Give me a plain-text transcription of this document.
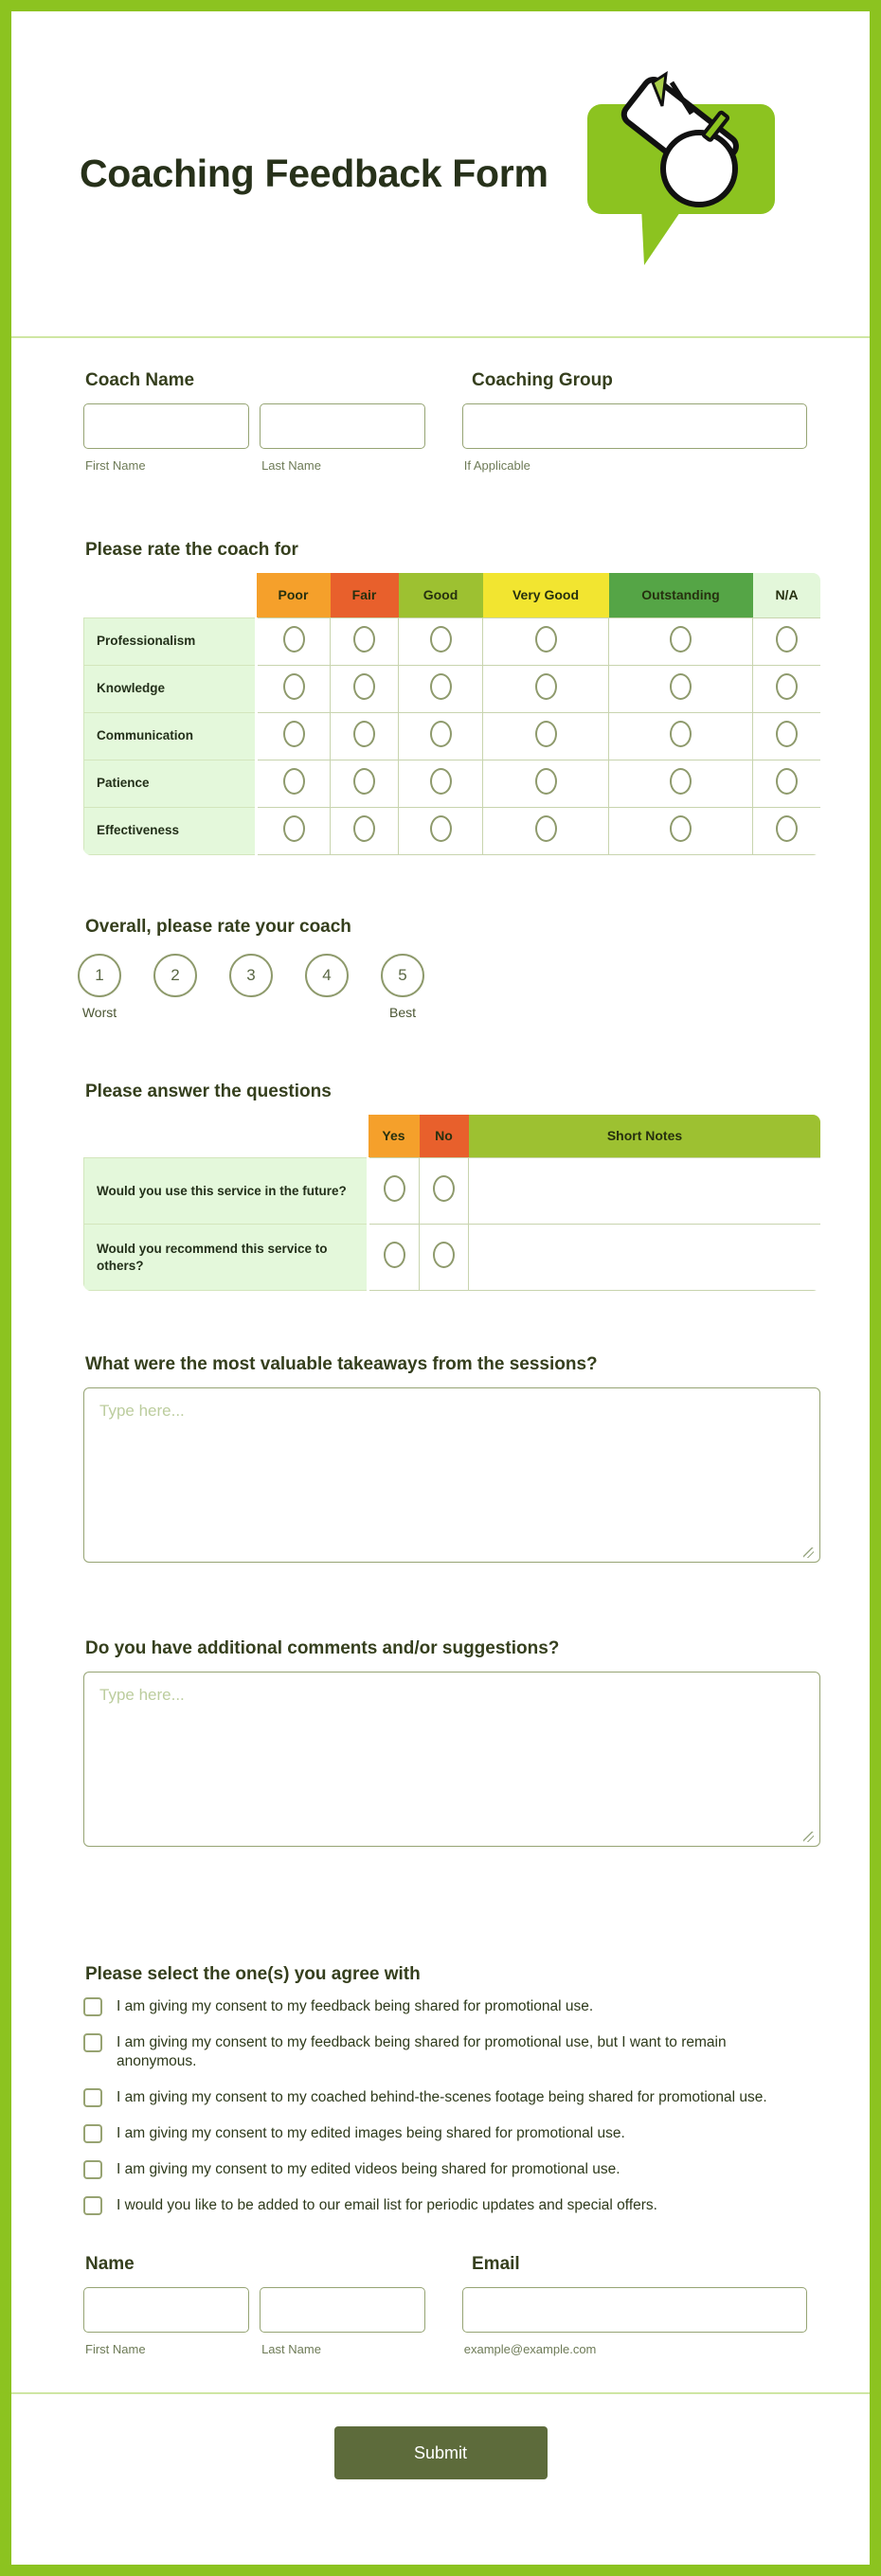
Coaching Feedback Form
Coach Name	Coaching Group
First Name	Last Name	If Applicable
Please rate the coach for
	Poor	Fair	Good	Very Good	Outstanding	N/A
Professionalism						
Knowledge						
Communication						
Patience						
Effectiveness						
Overall, please rate your coach
1	2	3	4	5
Worst	Best
Please answer the questions
	Yes	No	Short Notes
Would you use this service in the future?			
Would you recommend this service to others?			
What were the most valuable takeaways from the sessions?
Type here...
Do you have additional comments and/or suggestions?
Type here...
Please select the one(s) you agree with
I am giving my consent to my feedback being shared for promotional use.
I am giving my consent to my feedback being shared for promotional use, but I want to remain anonymous.
I am giving my consent to my coached behind-the-scenes footage being shared for promotional use.
I am giving my consent to my edited images being shared for promotional use.
I am giving my consent to my edited videos being shared for promotional use.
I would you like to be added to our email list for periodic updates and special offers.
Name	Email
First Name	Last Name	example@example.com
Submit
